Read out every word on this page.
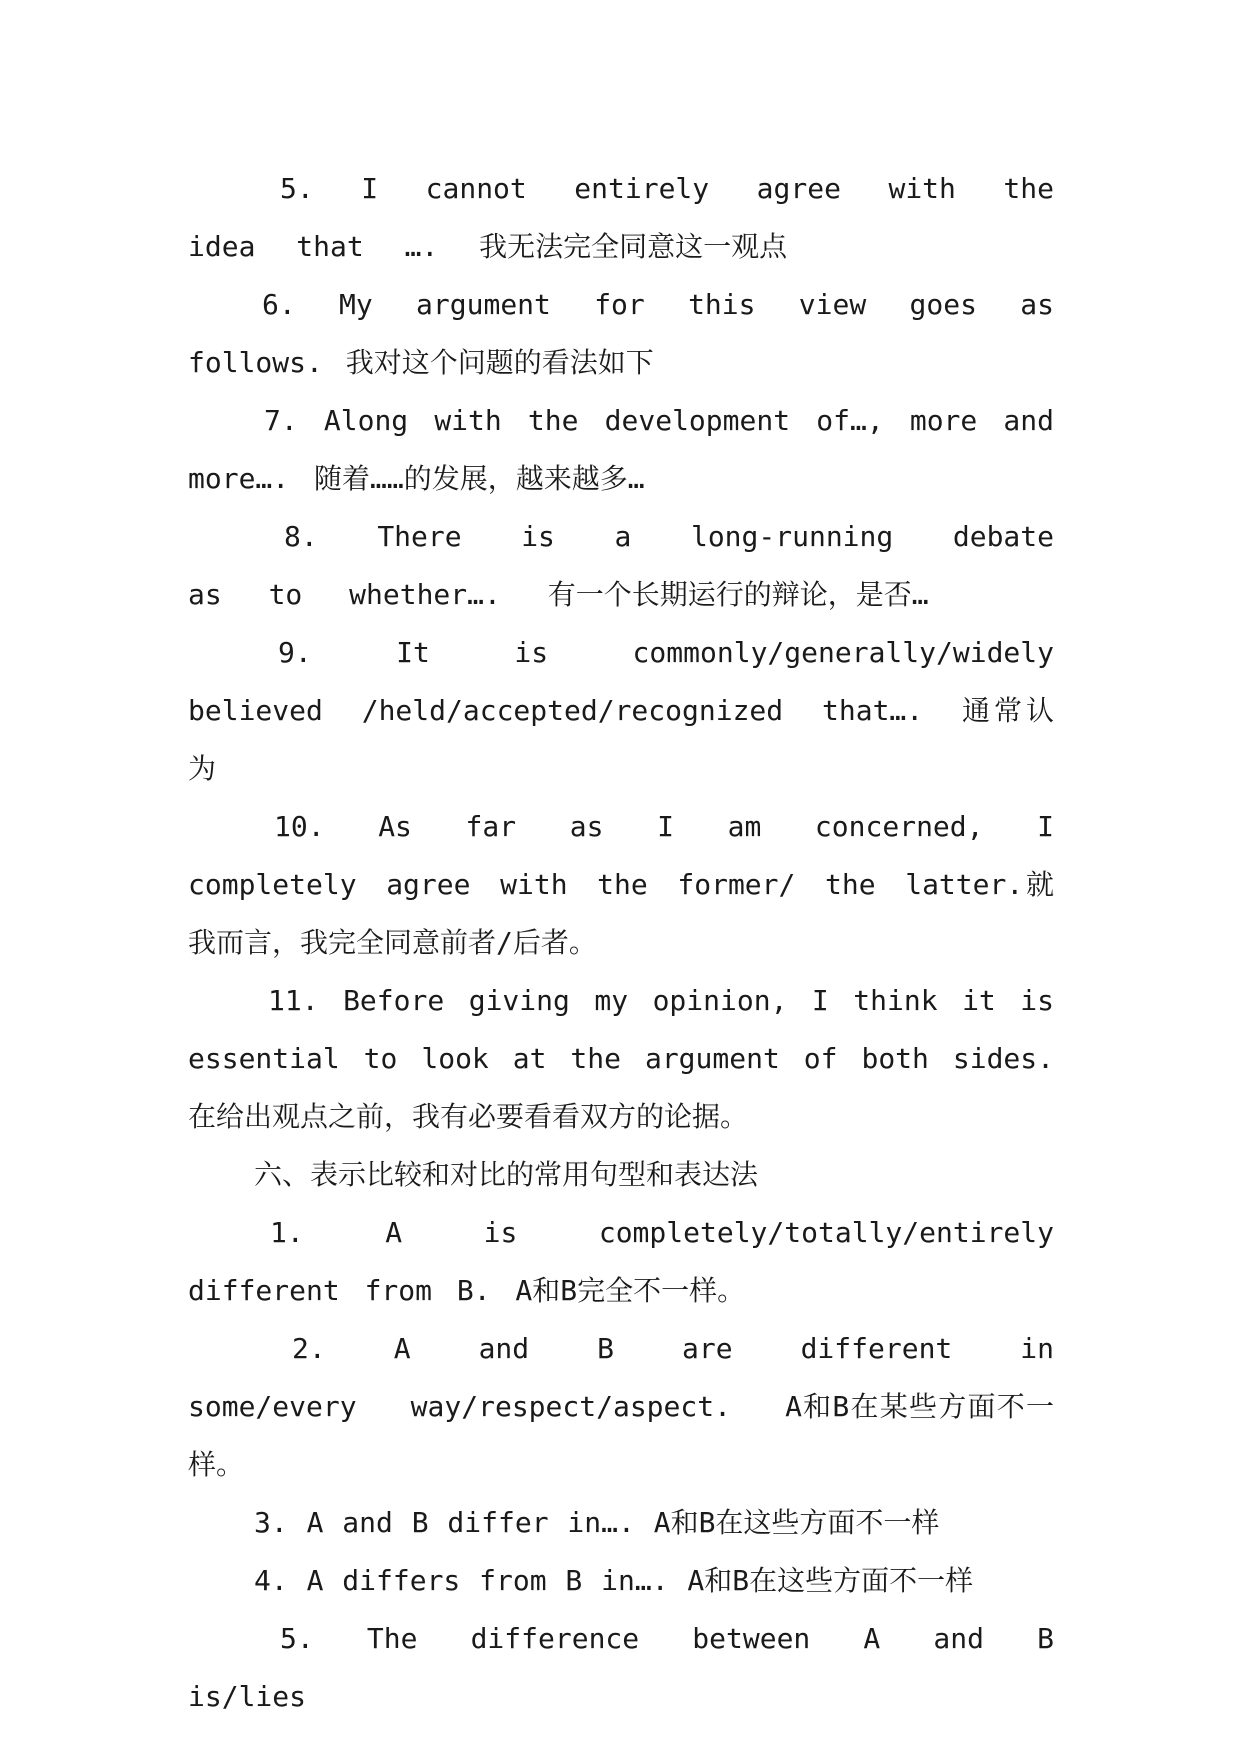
5. I cannot entirely agree with the idea that …. 我无法完全同意这一观点

6. My argument for this view goes as follows. 我对这个问题的看法如下

7. Along with the development of…, more and more…. 随着……的发展，越来越多…

8. There is a long-running debate as to whether…. 有一个长期运行的辩论，是否…

9. It is commonly/generally/widely believed /held/accepted/recognized that…. 通常认为

10. As far as I am concerned, I completely agree with the former/ the latter.就我而言，我完全同意前者/后者。

11. Before giving my opinion, I think it is essential to look at the argument of both sides. 在给出观点之前，我有必要看看双方的论据。

六、表示比较和对比的常用句型和表达法

1. A is completely/totally/entirely different from B. A和B完全不一样。

2. A and B are different in some/every way/respect/aspect. A和B在某些方面不一样。

3. A and B differ in…. A和B在这些方面不一样

4. A differs from B in…. A和B在这些方面不一样

5. The difference between A and B is/lies
